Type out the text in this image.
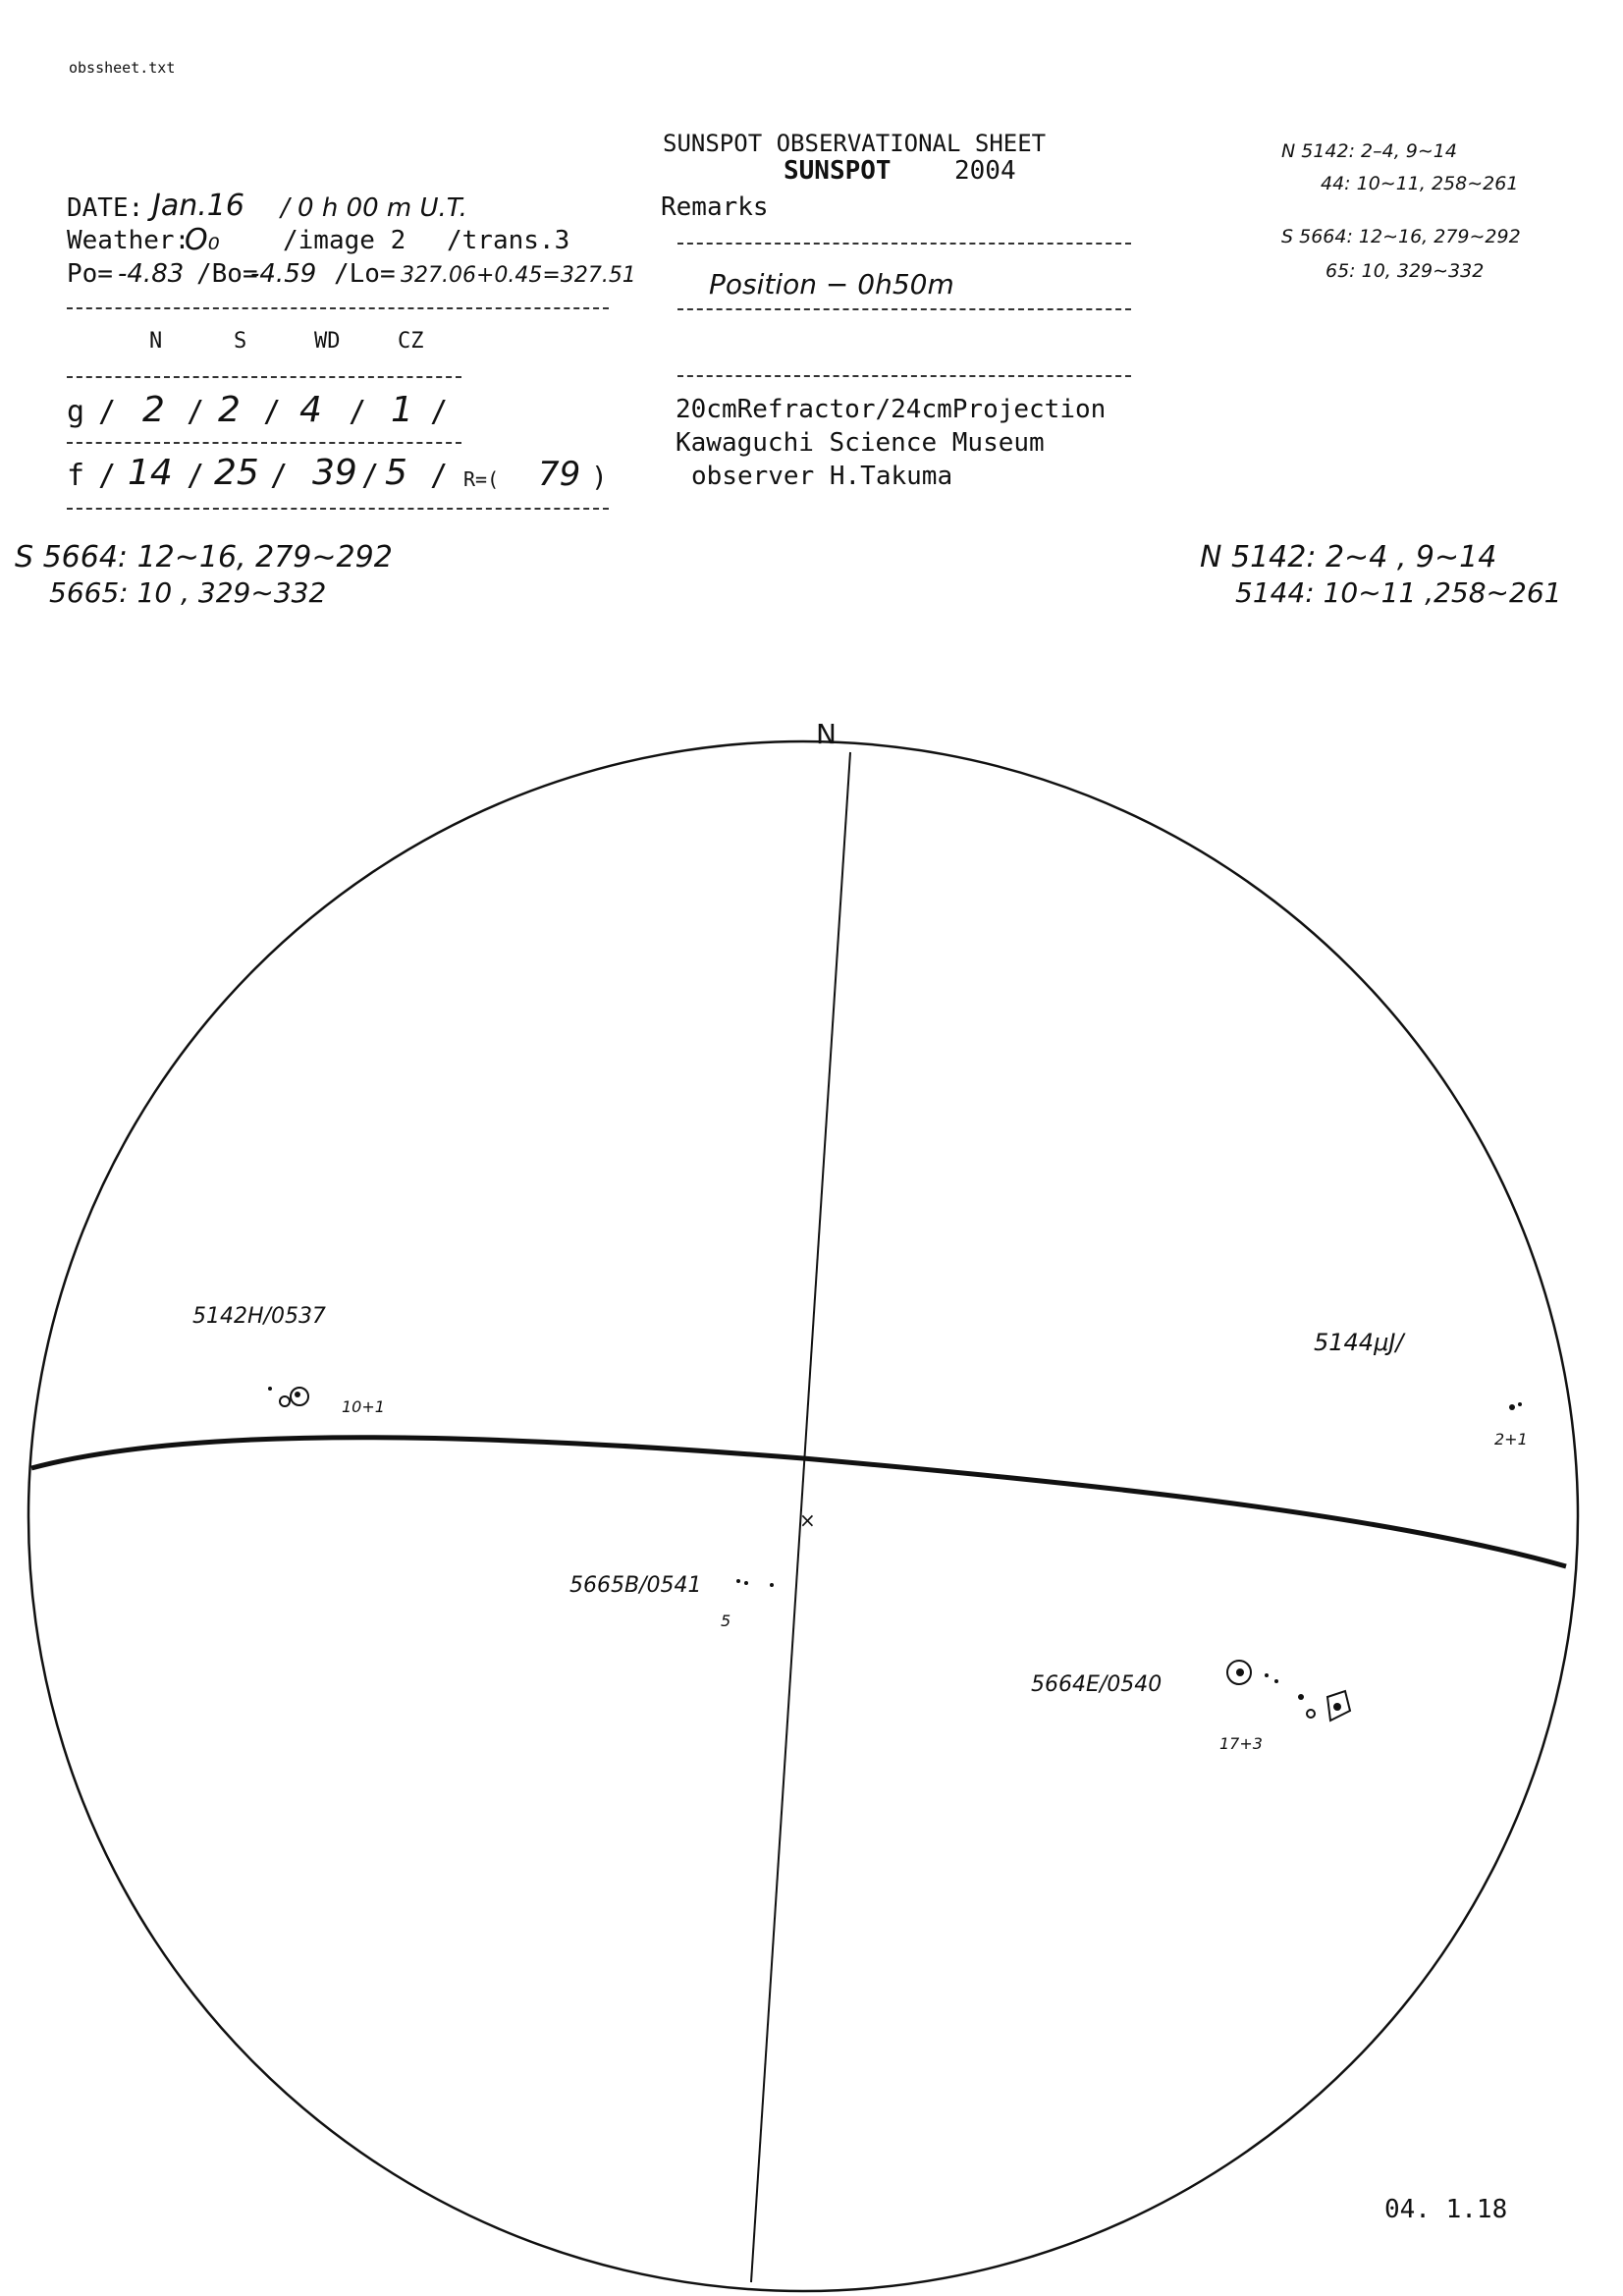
obssheet.txt
SUNSPOT OBSERVATIONAL SHEET
SUNSPOT 2004
DATE: Jan.16 / 0 h 00 m U.T.
Weather:
O₀ /image 2 /trans.3
Po= -4.83 /Bo=
-4.59 /Lo= 327.06+0.45=327.51
N	S	WD	CZ
g / 2 / 2 / 4 / 1 /
f / 14 / 25 / 39 / 5 / R=( 79 )
Remarks
Position − 0h50m
20cmRefractor/24cmProjection
Kawaguchi Science Museum
observer H.Takuma
N 5142: 2–4, 9∼14
44: 10∼11, 258∼261
S 5664: 12∼16, 279∼292
65: 10, 329∼332
S 5664: 12∼16, 279∼292
5665: 10 , 329∼332
N 5142: 2∼4 , 9∼14
5144: 10∼11 ,258∼261
×
N
5142H/0537
10+1
5144μJ/
2+1
5665B/0541
5
5664E/0540
17+3
04. 1.18
